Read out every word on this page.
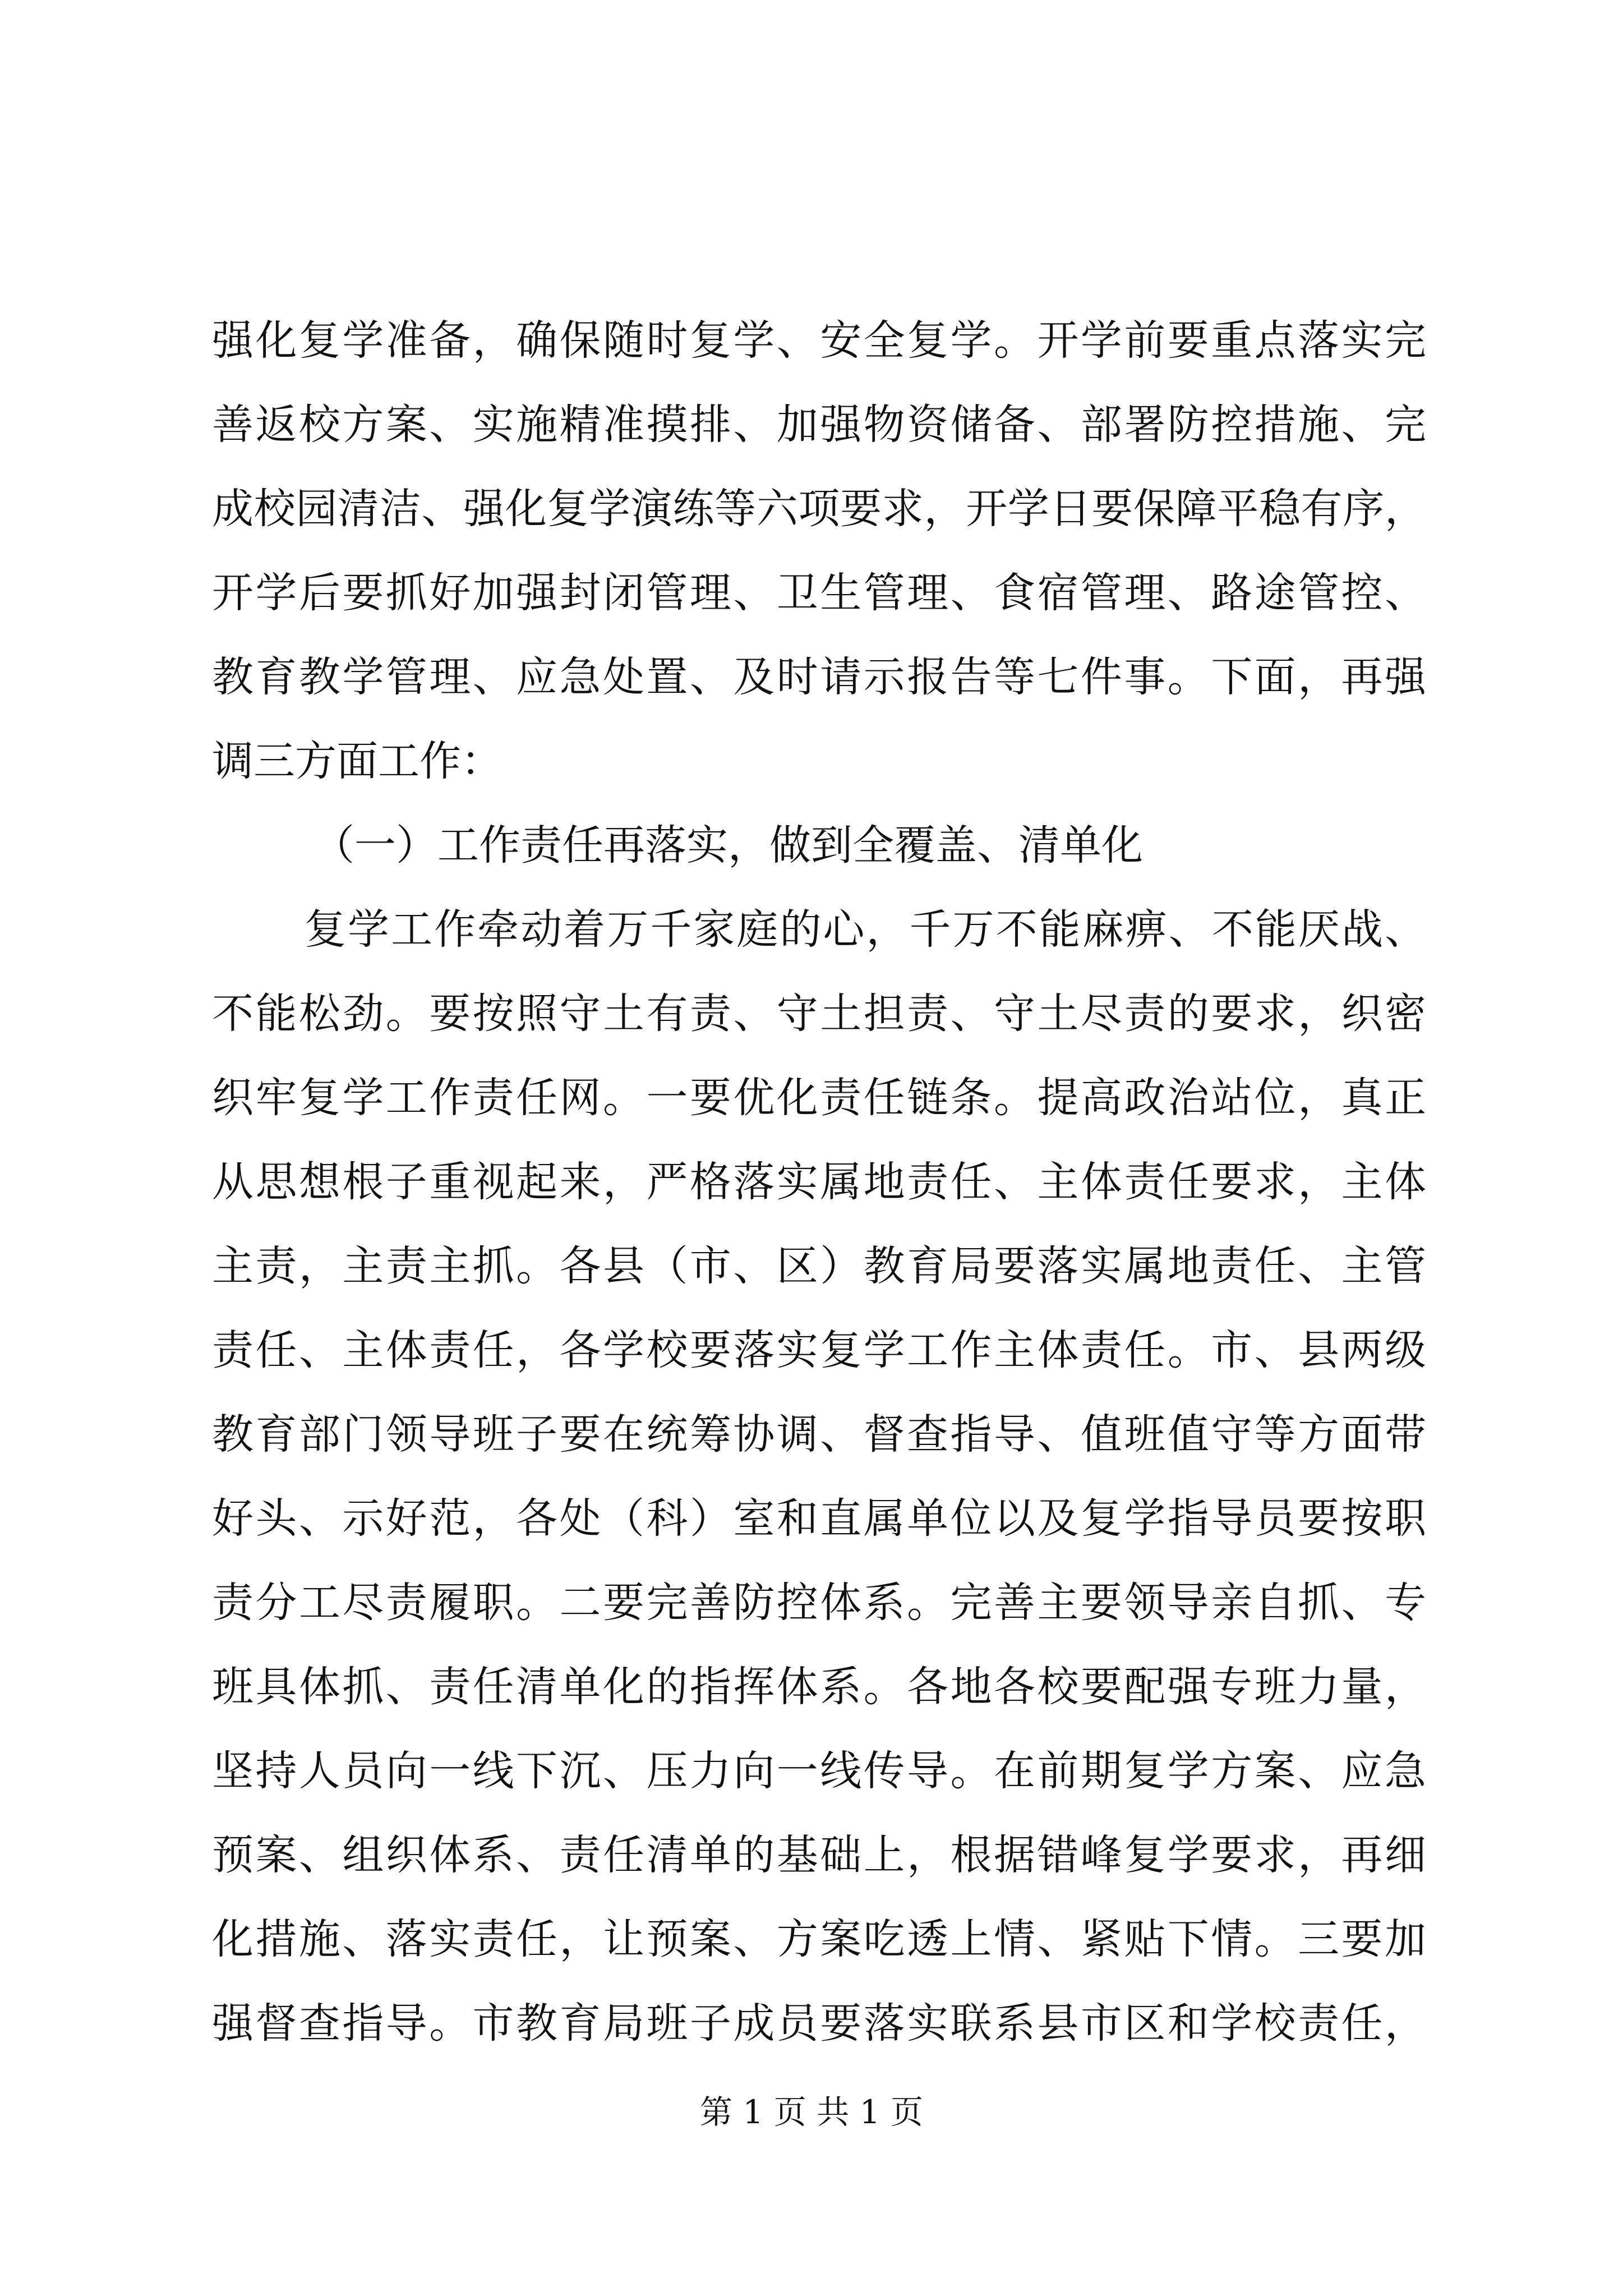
强化复学准备，确保随时复学、安全复学。开学前要重点落实完
善返校方案、实施精准摸排、加强物资储备、部署防控措施、完
成校园清洁、强化复学演练等六项要求，开学日要保障平稳有序，
开学后要抓好加强封闭管理、卫生管理、食宿管理、路途管控、
教育教学管理、应急处置、及时请示报告等七件事。下面，再强
调三方面工作：
（一）工作责任再落实，做到全覆盖、清单化
复学工作牵动着万千家庭的心，千万不能麻痹、不能厌战、
不能松劲。要按照守土有责、守土担责、守土尽责的要求，织密
织牢复学工作责任网。一要优化责任链条。提高政治站位，真正
从思想根子重视起来，严格落实属地责任、主体责任要求，主体
主责，主责主抓。各县（市、区）教育局要落实属地责任、主管
责任、主体责任，各学校要落实复学工作主体责任。市、县两级
教育部门领导班子要在统筹协调、督查指导、值班值守等方面带
好头、示好范，各处（科）室和直属单位以及复学指导员要按职
责分工尽责履职。二要完善防控体系。完善主要领导亲自抓、专
班具体抓、责任清单化的指挥体系。各地各校要配强专班力量，
坚持人员向一线下沉、压力向一线传导。在前期复学方案、应急
预案、组织体系、责任清单的基础上，根据错峰复学要求，再细
化措施、落实责任，让预案、方案吃透上情、紧贴下情。三要加
强督查指导。市教育局班子成员要落实联系县市区和学校责任，
第 1 页 共 1 页
